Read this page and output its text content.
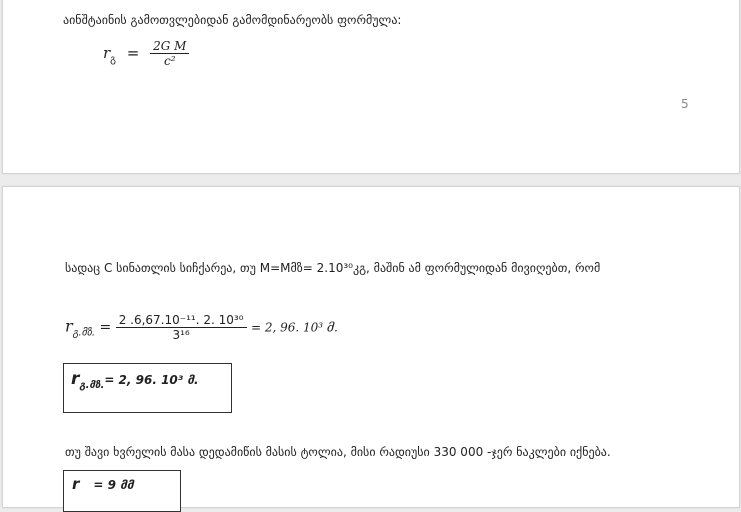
აინშტაინის გამოთვლებიდან გამომდინარეობს ფორმულა:
$r_გ = \frac{\text{2G M}}{\text{c²}}$
5
სადაც C სინათლის სიჩქარეა, თუ M=Mმზ= 2.10³⁰კგ, მაშინ ამ ფორმულიდან მივიღებთ, რომ
$r_{გ.მზ.} = \frac{\text{2 .6,67.10⁻¹¹. 2. 10³⁰}}{\text{3¹⁶}} = 2$, 96. 10³ მ.
$r_{გ.მზ.}= 2$, 96. 10³ მ.
თუ შავი ხვრელის მასა დედამიწის მასის ტოლია, მისი რადიუსი 330 000 -ჯერ ნაკლები იქნება.
r = 9 მმ
